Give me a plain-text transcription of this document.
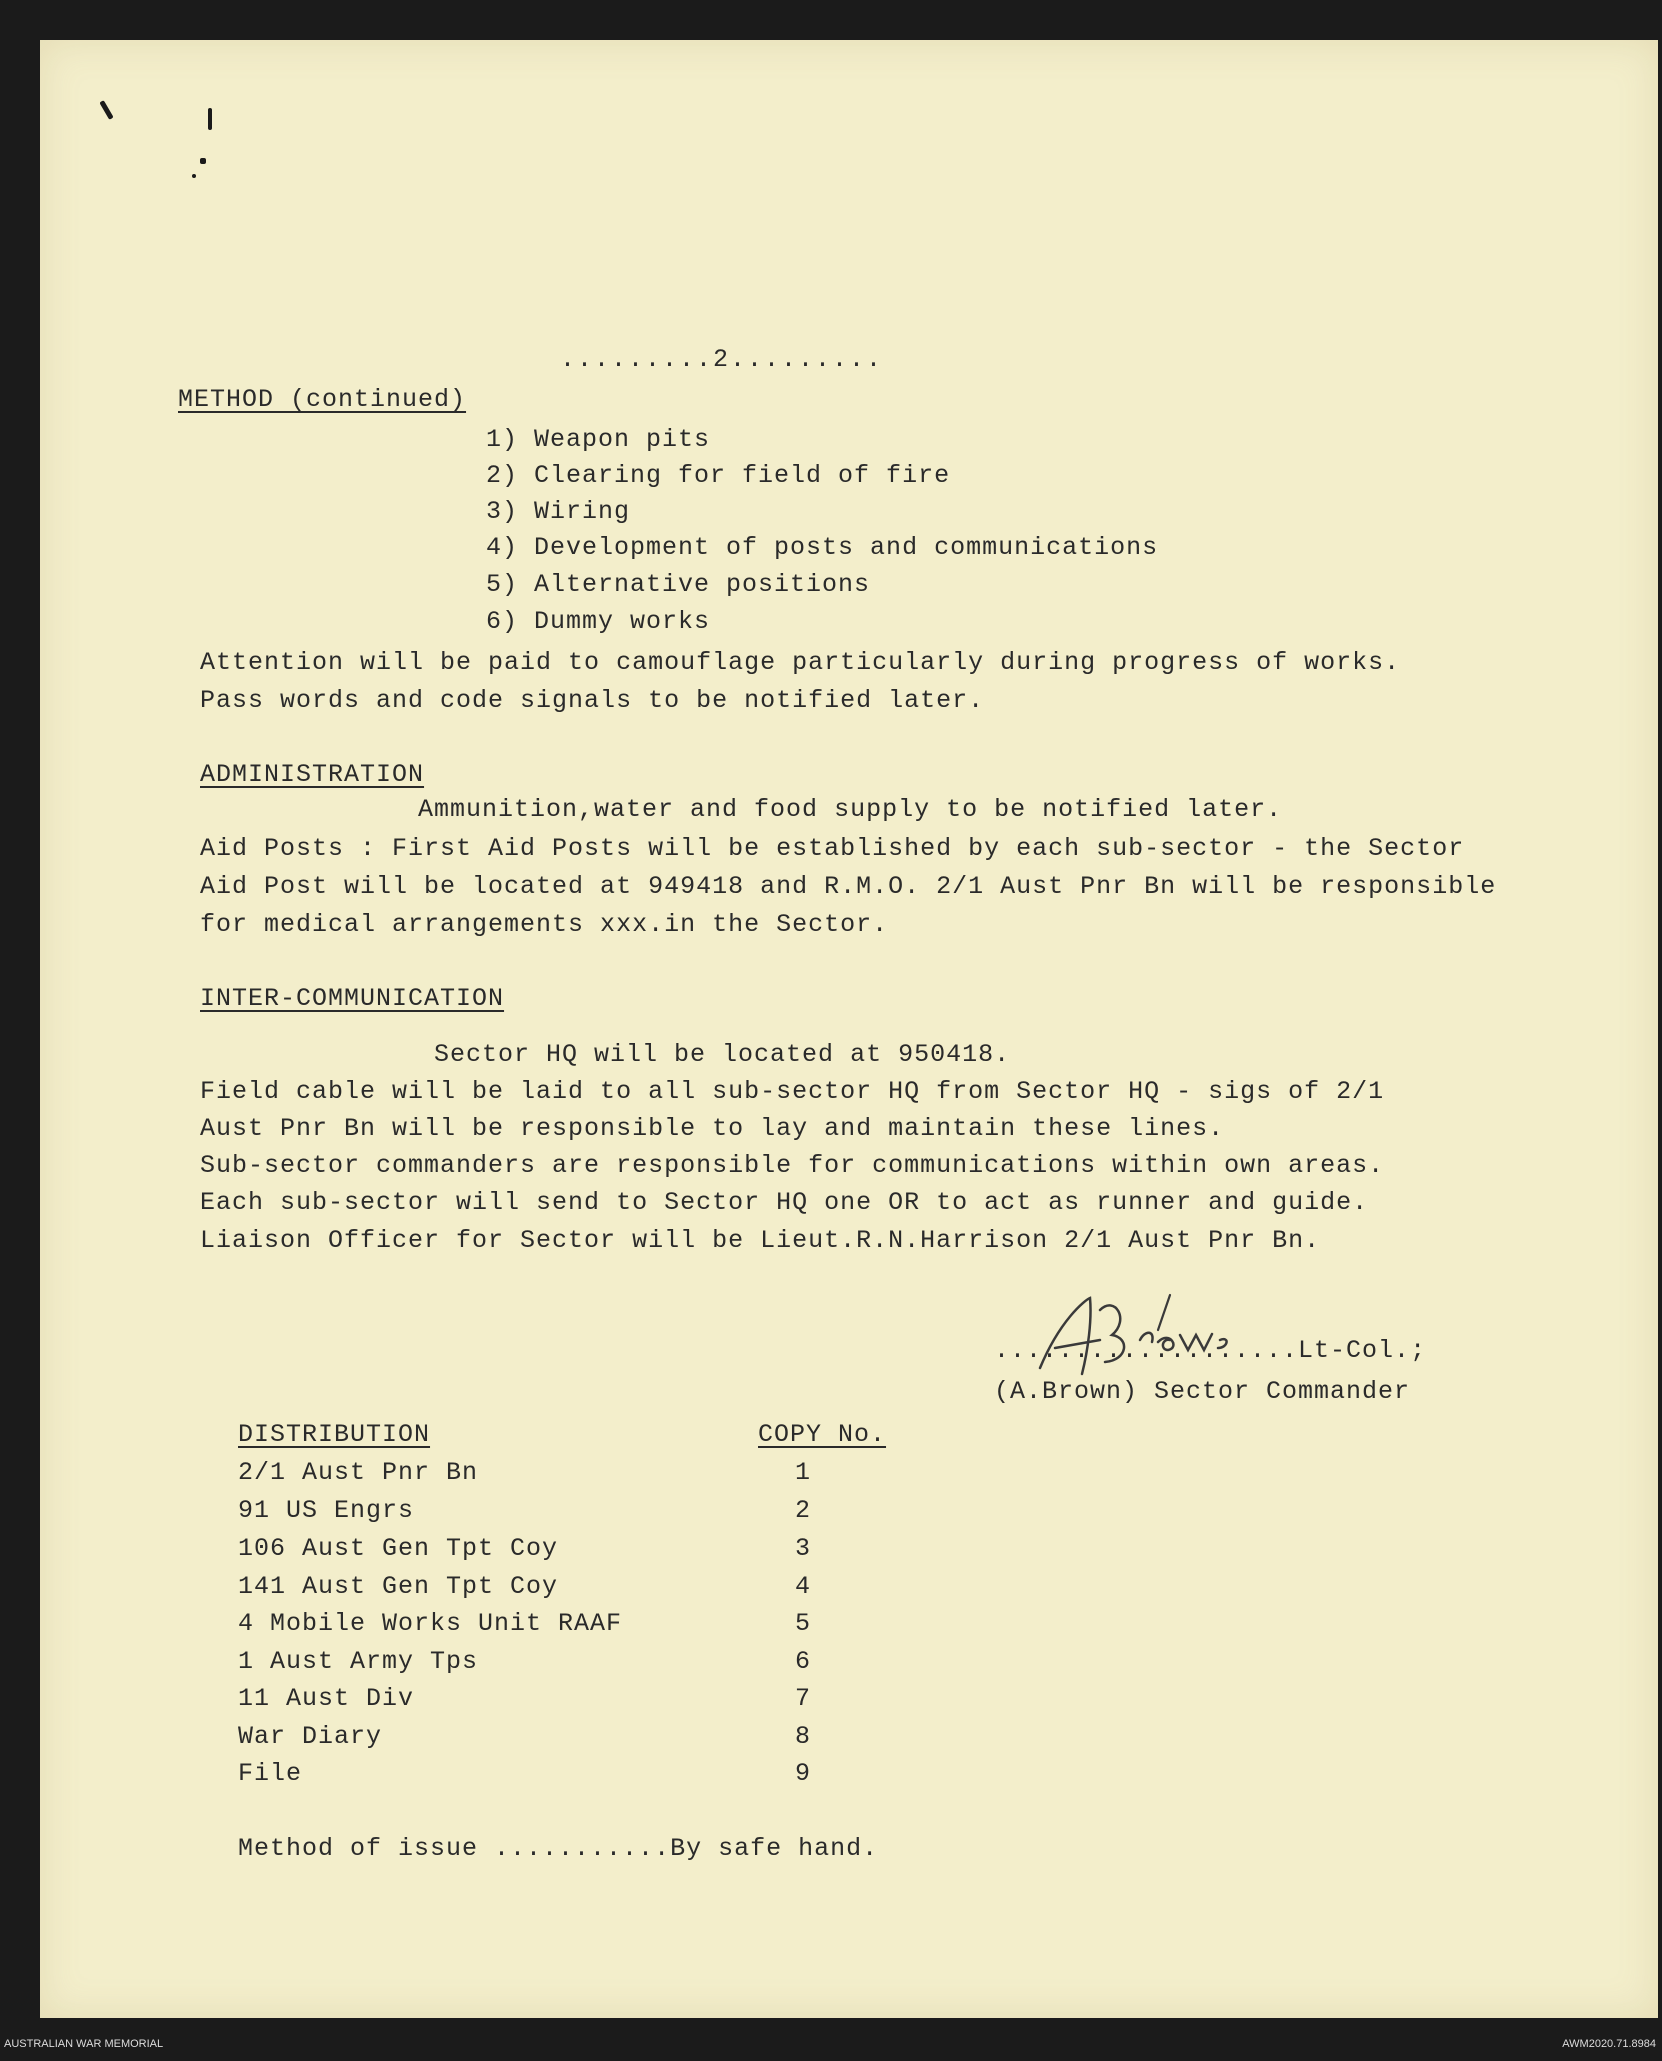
.........2.........
METHOD (continued)
1) Weapon pits
2) Clearing for field of fire
3) Wiring
4) Development of posts and communications
5) Alternative positions
6) Dummy works
Attention will be paid to camouflage particularly during progress of works.
Pass words and code signals to be notified later.
ADMINISTRATION
Ammunition,water and food supply to be notified later.
Aid Posts : First Aid Posts will be established by each sub-sector - the Sector
Aid Post will be located at 949418 and R.M.O. 2/1 Aust Pnr Bn will be responsible
for medical arrangements xxx.in the Sector.
INTER-COMMUNICATION
Sector HQ will be located at 950418.
Field cable will be laid to all sub-sector HQ from Sector HQ - sigs of 2/1
Aust Pnr Bn will be responsible to lay and maintain these lines.
Sub-sector commanders are responsible for communications within own areas.
Each sub-sector will send to Sector HQ one OR to act as runner and guide.
Liaison Officer for Sector will be Lieut.R.N.Harrison 2/1 Aust Pnr Bn.
...................Lt-Col.;
(A.Brown) Sector Commander
DISTRIBUTION	COPY No.
2/1 Aust Pnr Bn	1
91 US Engrs	2
106 Aust Gen Tpt Coy	3
141 Aust Gen Tpt Coy	4
4 Mobile Works Unit RAAF	5
1 Aust Army Tps	6
11 Aust Div	7
War Diary	8
File	9
Method of issue ...........By safe hand.
AUSTRALIAN WAR MEMORIAL	AWM2020.71.8984
